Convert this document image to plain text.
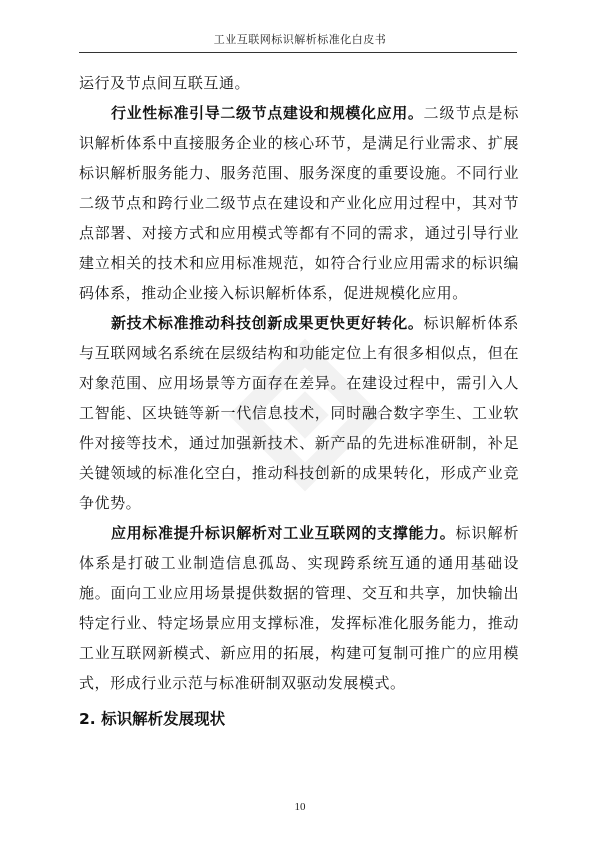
工业互联网标识解析标准化白皮书

运行及节点间互联互通。

行业性标准引导二级节点建设和规模化应用。二级节点是标识解析体系中直接服务企业的核心环节，是满足行业需求、扩展标识解析服务能力、服务范围、服务深度的重要设施。不同行业二级节点和跨行业二级节点在建设和产业化应用过程中，其对节点部署、对接方式和应用模式等都有不同的需求，通过引导行业建立相关的技术和应用标准规范，如符合行业应用需求的标识编码体系，推动企业接入标识解析体系，促进规模化应用。

新技术标准推动科技创新成果更快更好转化。标识解析体系与互联网域名系统在层级结构和功能定位上有很多相似点，但在对象范围、应用场景等方面存在差异。在建设过程中，需引入人工智能、区块链等新一代信息技术，同时融合数字孪生、工业软件对接等技术，通过加强新技术、新产品的先进标准研制，补足关键领域的标准化空白，推动科技创新的成果转化，形成产业竞争优势。

应用标准提升标识解析对工业互联网的支撑能力。标识解析体系是打破工业制造信息孤岛、实现跨系统互通的通用基础设施。面向工业应用场景提供数据的管理、交互和共享，加快输出特定行业、特定场景应用支撑标准，发挥标准化服务能力，推动工业互联网新模式、新应用的拓展，构建可复制可推广的应用模式，形成行业示范与标准研制双驱动发展模式。

2. 标识解析发展现状
10
